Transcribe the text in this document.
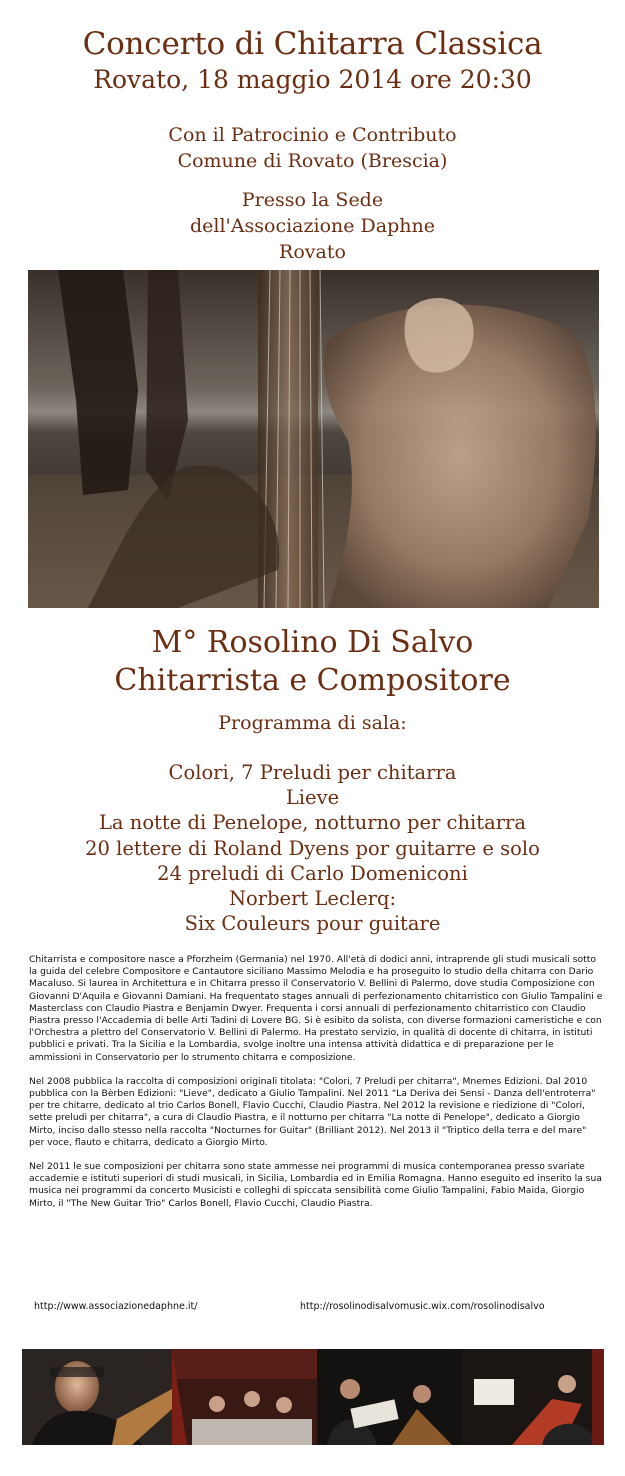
Concerto di Chitarra Classica
Rovato, 18 maggio 2014 ore 20:30
Con il Patrocinio e Contributo
Comune di Rovato (Brescia)
Presso la Sede
dell'Associazione Daphne
Rovato
M° Rosolino Di Salvo
Chitarrista e Compositore
Programma di sala:
Colori, 7 Preludi per chitarra
Lieve
La notte di Penelope, notturno per chitarra
20 lettere di Roland Dyens por guitarre e solo
24 preludi di Carlo Domeniconi
Norbert Leclerq:
Six Couleurs pour guitare

Chitarrista e compositore nasce a Pforzheim (Germania) nel 1970. All'età di dodici anni, intraprende gli studi musicali sotto la guida del celebre Compositore e Cantautore siciliano Massimo Melodia e ha proseguito lo studio della chitarra con Dario Macaluso. Si laurea in Architettura e in Chitarra presso il Conservatorio V. Bellini di Palermo, dove studia Composizione con Giovanni D'Aquila e Giovanni Damiani. Ha frequentato stages annuali di perfezionamento chitarristico con Giulio Tampalini e Masterclass con Claudio Piastra e Benjamin Dwyer. Frequenta i corsi annuali di perfezionamento chitarristico con Claudio Piastra presso l'Accademia di belle Arti Tadini di Lovere BG. Si è esibito da solista, con diverse formazioni cameristiche e con l'Orchestra a plettro del Conservatorio V. Bellini di Palermo. Ha prestato servizio, in qualità di docente di chitarra, in istituti pubblici e privati. Tra la Sicilia e la Lombardia, svolge inoltre una intensa attività didattica e di preparazione per le ammissioni in Conservatorio per lo strumento chitarra e composizione.

Nel 2008 pubblica la raccolta di composizioni originali titolata: "Colori, 7 Preludi per chitarra", Mnemes Edizioni. Dal 2010 pubblica con la Bèrben Edizioni: "Lieve", dedicato a Giulio Tampalini. Nel 2011 "La Deriva dei Sensi - Danza dell'entroterra" per tre chitarre, dedicato al trio Carlos Bonell, Flavio Cucchi, Claudio Piastra. Nel 2012 la revisione e riedizione di "Colori, sette preludi per chitarra", a cura di Claudio Piastra, e il notturno per chitarra "La notte di Penelope", dedicato a Giorgio Mirto, inciso dallo stesso nella raccolta "Nocturnes for Guitar" (Brilliant 2012). Nel 2013 il "Triptico della terra e del mare" per voce, flauto e chitarra, dedicato a Giorgio Mirto.

Nel 2011 le sue composizioni per chitarra sono state ammesse nei programmi di musica contemporanea presso svariate accademie e istituti superiori di studi musicali, in Sicilia, Lombardia ed in Emilia Romagna. Hanno eseguito ed inserito la sua musica nei programmi da concerto Musicisti e colleghi di spiccata sensibilità come Giulio Tampalini, Fabio Maida, Giorgio Mirto, il "The New Guitar Trio" Carlos Bonell, Flavio Cucchi, Claudio Piastra.

http://www.associazionedaphne.it/	http://rosolinodisalvomusic.wix.com/rosolinodisalvo
